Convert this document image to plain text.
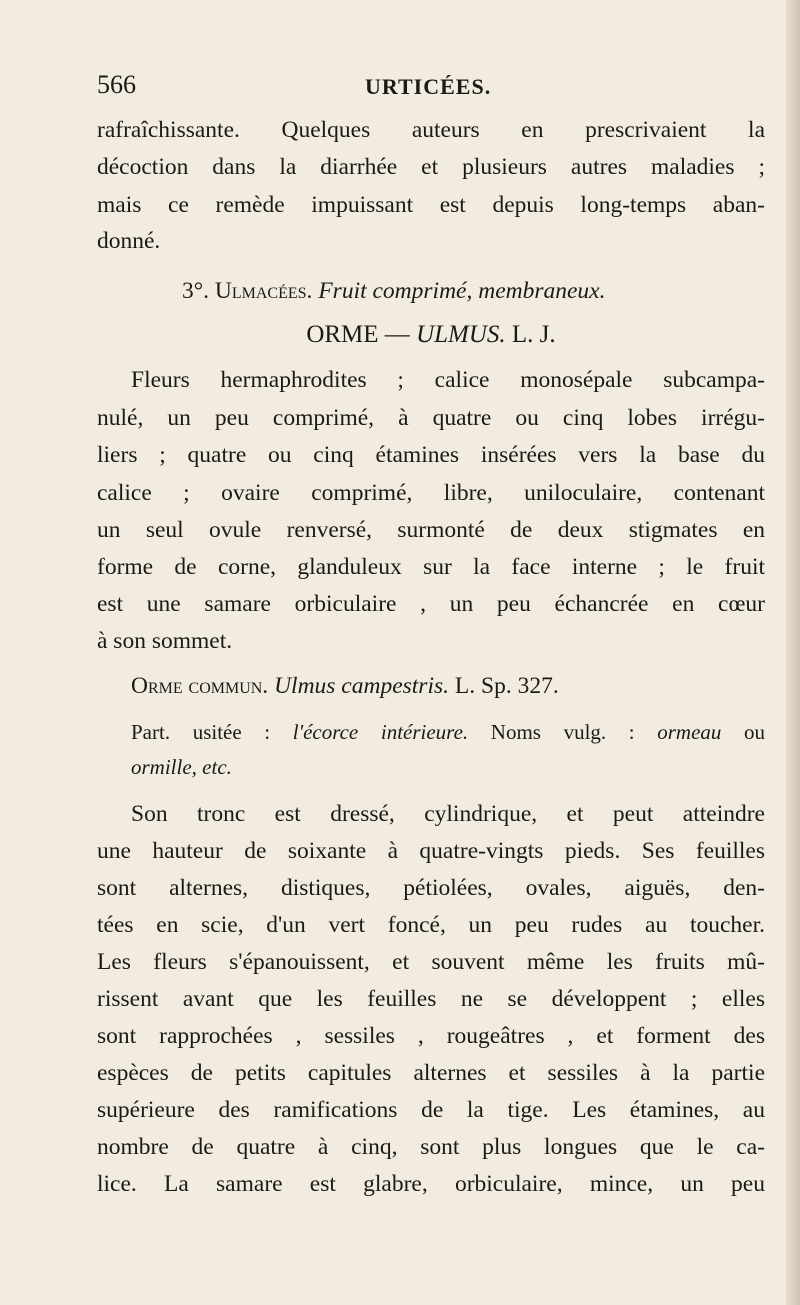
566	URTICÉES.
rafraîchissante. Quelques auteurs en prescrivaient la
décoction dans la diarrhée et plusieurs autres maladies ;
mais ce remède impuissant est depuis long-temps aban-
donné.
3°. Ulmacées. Fruit comprimé, membraneux.
ORME — ULMUS. L. J.
Fleurs hermaphrodites ; calice monosépale subcampa-
nulé, un peu comprimé, à quatre ou cinq lobes irrégu-
liers ; quatre ou cinq étamines insérées vers la base du
calice ; ovaire comprimé, libre, uniloculaire, contenant
un seul ovule renversé, surmonté de deux stigmates en
forme de corne, glanduleux sur la face interne ; le fruit
est une samare orbiculaire , un peu échancrée en cœur
à son sommet.
Orme commun. Ulmus campestris. L. Sp. 327.
Part. usitée : l'écorce intérieure. Noms vulg. : ormeau ou
ormille, etc.
Son tronc est dressé, cylindrique, et peut atteindre
une hauteur de soixante à quatre-vingts pieds. Ses feuilles
sont alternes, distiques, pétiolées, ovales, aiguës, den-
tées en scie, d'un vert foncé, un peu rudes au toucher.
Les fleurs s'épanouissent, et souvent même les fruits mû-
rissent avant que les feuilles ne se développent ; elles
sont rapprochées , sessiles , rougeâtres , et forment des
espèces de petits capitules alternes et sessiles à la partie
supérieure des ramifications de la tige. Les étamines, au
nombre de quatre à cinq, sont plus longues que le ca-
lice. La samare est glabre, orbiculaire, mince, un peu
